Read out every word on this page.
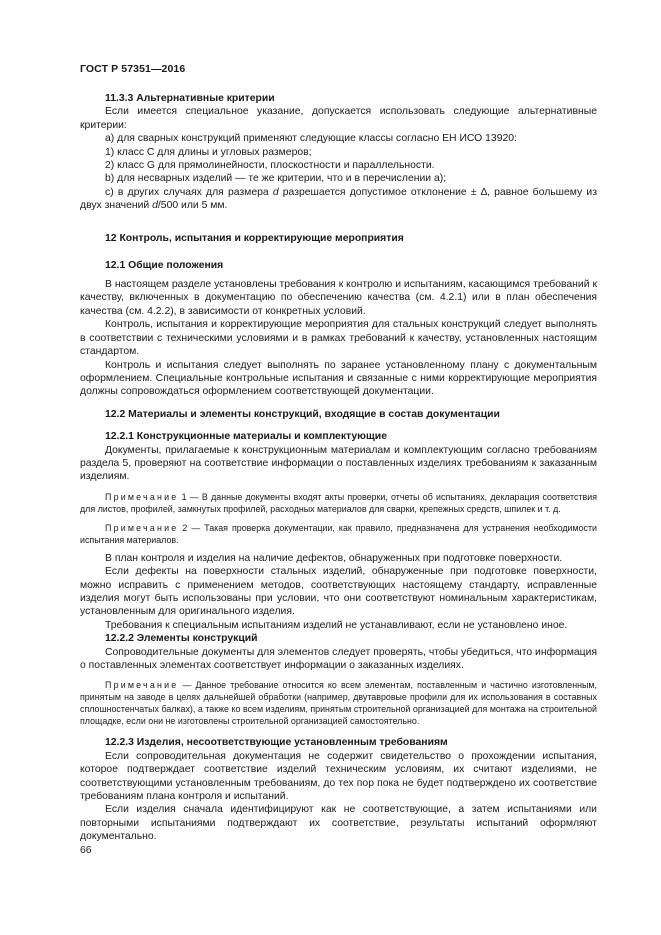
ГОСТ Р 57351—2016

11.3.3 Альтернативные критерии

Если имеется специальное указание, допускается использовать следующие альтернативные критерии:

а) для сварных конструкций применяют следующие классы согласно ЕН ИСО 13920:

1) класс С для длины и угловых размеров;

2) класс G для прямолинейности, плоскостности и параллельности.

b) для несварных изделий — те же критерии, что и в перечислении а);

с) в других случаях для размера d разрешается допустимое отклонение ± ∆, равное большему из двух значений d/500 или 5 мм.

12 Контроль, испытания и корректирующие мероприятия

12.1 Общие положения

В настоящем разделе установлены требования к контролю и испытаниям, касающимся требований к качеству, включенных в документацию по обеспечению качества (см. 4.2.1) или в план обеспечения качества (см. 4.2.2), в зависимости от конкретных условий.

Контроль, испытания и корректирующие мероприятия для стальных конструкций следует выполнять в соответствии с техническими условиями и в рамках требований к качеству, установленных настоящим стандартом.

Контроль и испытания следует выполнять по заранее установленному плану с документальным оформлением. Специальные контрольные испытания и связанные с ними корректирующие мероприятия должны сопровождаться оформлением соответствующей документации.

12.2 Материалы и элементы конструкций, входящие в состав документации

12.2.1 Конструкционные материалы и комплектующие

Документы, прилагаемые к конструкционным материалам и комплектующим согласно требованиям раздела 5, проверяют на соответствие информации о поставленных изделиях требованиям к заказанным изделиям.

Примечание 1 — В данные документы входят акты проверки, отчеты об испытаниях, декларация соответствия для листов, профилей, замкнутых профилей, расходных материалов для сварки, крепежных средств, шпилек и т. д.

Примечание 2 — Такая проверка документации, как правило, предназначена для устранения необходимости испытания материалов.

В план контроля и изделия на наличие дефектов, обнаруженных при подготовке поверхности.

Если дефекты на поверхности стальных изделий, обнаруженные при подготовке поверхности, можно исправить с применением методов, соответствующих настоящему стандарту, исправленные изделия могут быть использованы при условии, что они соответствуют номинальным характеристикам, установленным для оригинального изделия.

Требования к специальным испытаниям изделий не устанавливают, если не установлено иное.

12.2.2 Элементы конструкций

Сопроводительные документы для элементов следует проверять, чтобы убедиться, что информация о поставленных элементах соответствует информации о заказанных изделиях.

Примечание — Данное требование относится ко всем элементам, поставленным и частично изготовленным, принятым на заводе в целях дальнейшей обработки (например, двутавровые профили для их использования в составных сплошностенчатых балках), а также ко всем изделиям, принятым строительной организацией для монтажа на строительной площадке, если они не изготовлены строительной организацией самостоятельно.

12.2.3 Изделия, несоответствующие установленным требованиям

Если сопроводительная документация не содержит свидетельство о прохождении испытания, которое подтверждает соответствие изделий техническим условиям, их считают изделиями, не соответствующими установленным требованиям, до тех пор пока не будет подтверждено их соответствие требованиям плана контроля и испытаний.

Если изделия сначала идентифицируют как не соответствующие, а затем испытаниями или повторными испытаниями подтверждают их соответствие, результаты испытаний оформляют документально.

66
